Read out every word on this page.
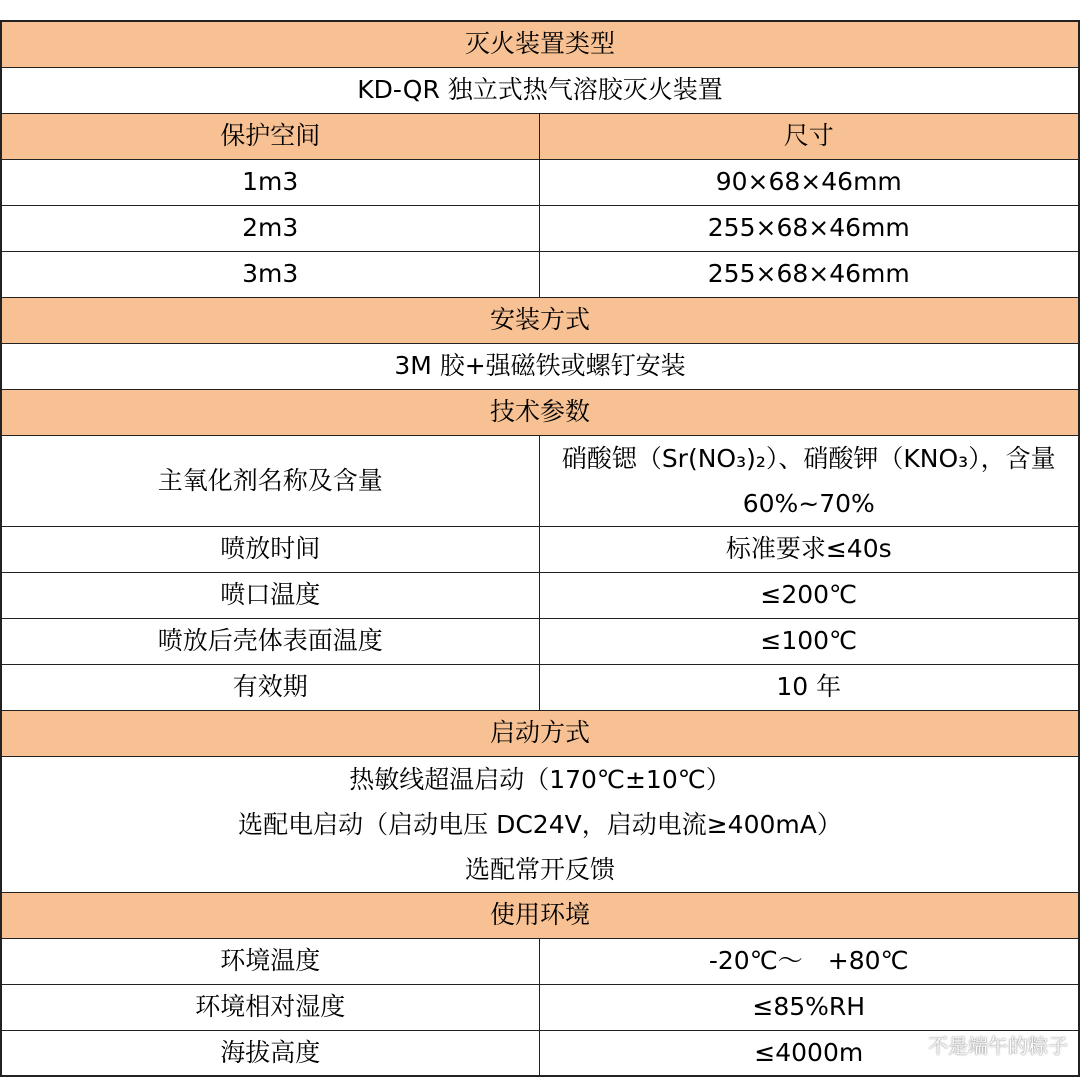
灭火装置类型	
KD-QR 独立式热气溶胶灭火装置	
保护空间	尺寸
1m3	90×68×46mm
2m3	255×68×46mm
3m3	255×68×46mm
安装方式	
3M 胶+强磁铁或螺钉安装	
技术参数	
主氧化剂名称及含量	硝酸锶（Sr(NO₃)₂）、硝酸钾（KNO₃），含量
60%~70%

喷放时间	标准要求≤40s
喷口温度	≤200℃
喷放后壳体表面温度	≤100℃
有效期	10 年
启动方式	

热敏线超温启动（170℃±10℃）
选配电启动（启动电压 DC24V，启动电流≥400mA）
选配常开反馈	

使用环境	
环境温度	-20℃～　+80℃
环境相对湿度	≤85%RH
海拔高度	≤4000m	不是端午的粽子
